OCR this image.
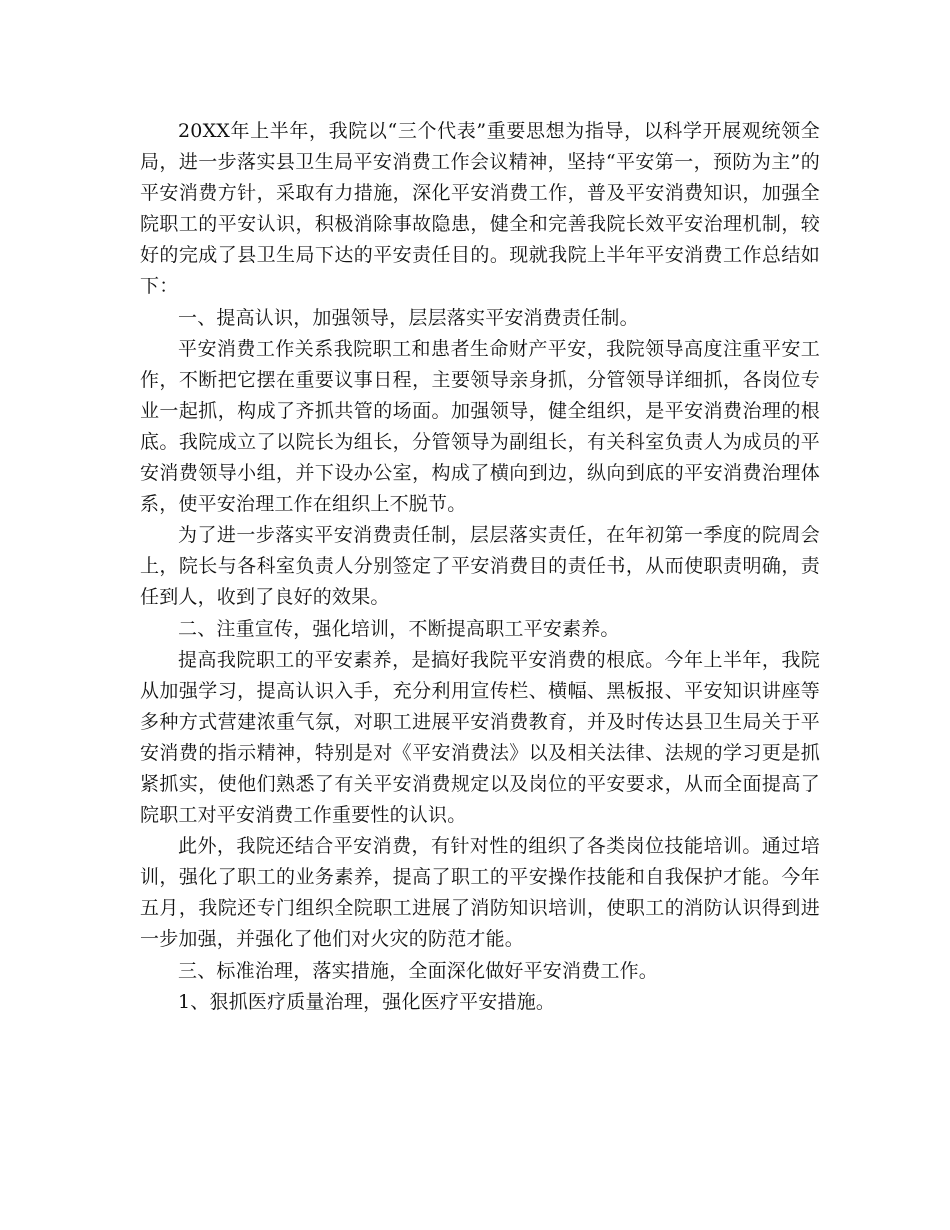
20XX年上半年，我院以“三个代表”重要思想为指导，以科学开展观统领全局，进一步落实县卫生局平安消费工作会议精神，坚持“平安第一，预防为主”的平安消费方针，采取有力措施，深化平安消费工作，普及平安消费知识，加强全院职工的平安认识，积极消除事故隐患，健全和完善我院长效平安治理机制，较好的完成了县卫生局下达的平安责任目的。现就我院上半年平安消费工作总结如下：

一、提高认识，加强领导，层层落实平安消费责任制。

平安消费工作关系我院职工和患者生命财产平安，我院领导高度注重平安工作，不断把它摆在重要议事日程，主要领导亲身抓，分管领导详细抓，各岗位专业一起抓，构成了齐抓共管的场面。加强领导，健全组织，是平安消费治理的根底。我院成立了以院长为组长，分管领导为副组长，有关科室负责人为成员的平安消费领导小组，并下设办公室，构成了横向到边，纵向到底的平安消费治理体系，使平安治理工作在组织上不脱节。

为了进一步落实平安消费责任制，层层落实责任，在年初第一季度的院周会上，院长与各科室负责人分别签定了平安消费目的责任书，从而使职责明确，责任到人，收到了良好的效果。

二、注重宣传，强化培训，不断提高职工平安素养。

提高我院职工的平安素养，是搞好我院平安消费的根底。今年上半年，我院从加强学习，提高认识入手，充分利用宣传栏、横幅、黑板报、平安知识讲座等多种方式营建浓重气氛，对职工进展平安消费教育，并及时传达县卫生局关于平安消费的指示精神，特别是对《平安消费法》以及相关法律、法规的学习更是抓紧抓实，使他们熟悉了有关平安消费规定以及岗位的平安要求，从而全面提高了院职工对平安消费工作重要性的认识。

此外，我院还结合平安消费，有针对性的组织了各类岗位技能培训。通过培训，强化了职工的业务素养，提高了职工的平安操作技能和自我保护才能。今年五月，我院还专门组织全院职工进展了消防知识培训，使职工的消防认识得到进一步加强，并强化了他们对火灾的防范才能。

三、标准治理，落实措施，全面深化做好平安消费工作。

1、狠抓医疗质量治理，强化医疗平安措施。
